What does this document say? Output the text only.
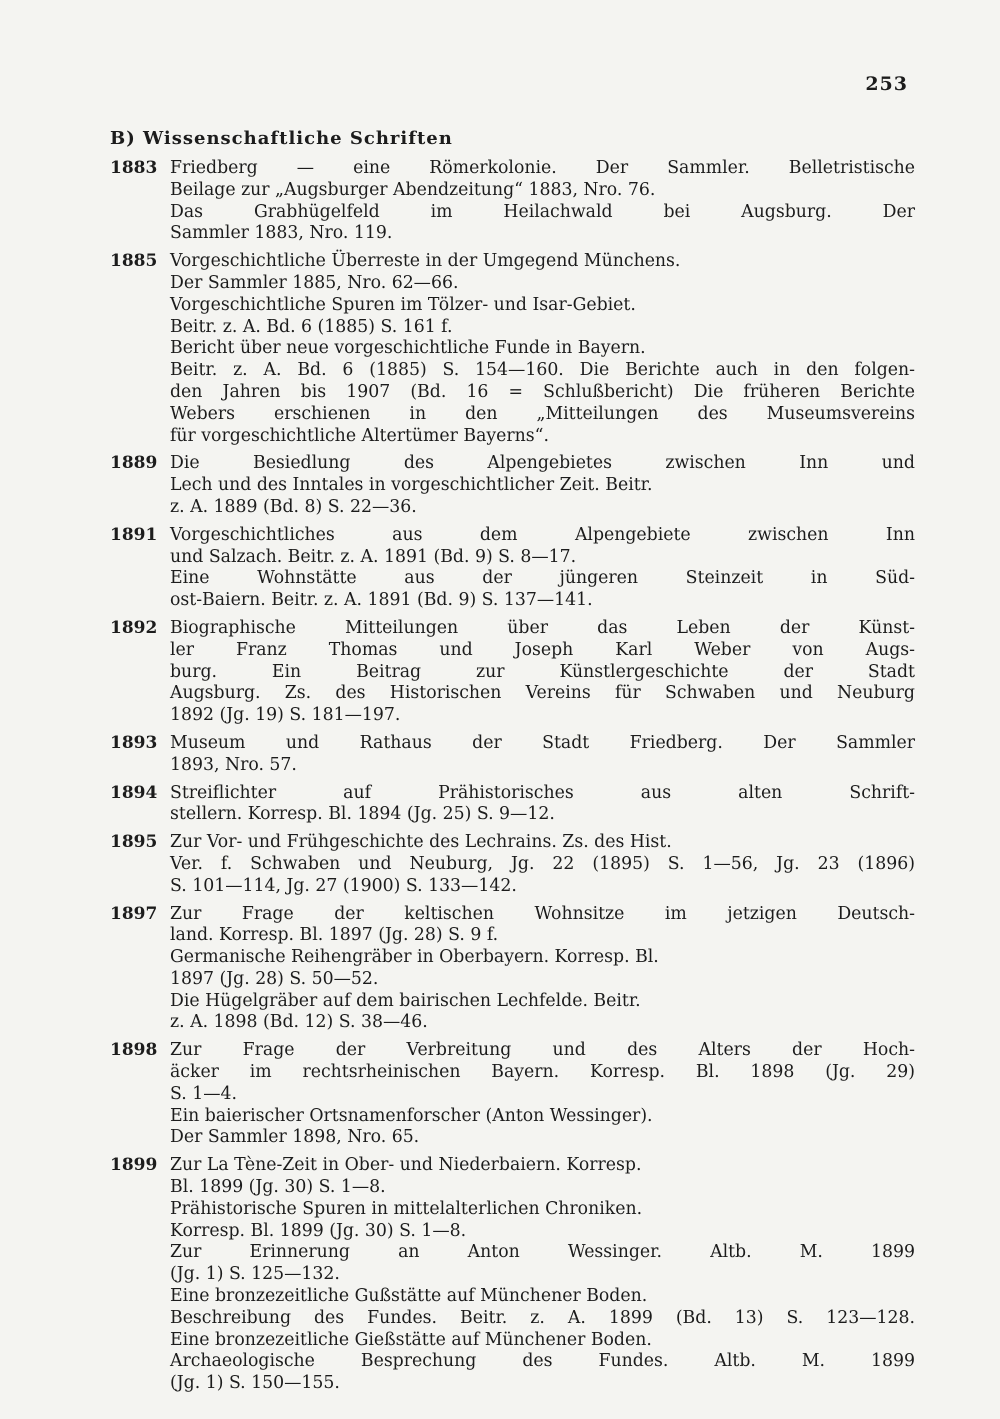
253
B) Wissenschaftliche Schriften
1883 Friedberg — eine Römerkolonie. Der Sammler. Belletristische
Beilage zur „Augsburger Abendzeitung“ 1883, Nro. 76.
Das Grabhügelfeld im Heilachwald bei Augsburg. Der
Sammler 1883, Nro. 119.
1885 Vorgeschichtliche Überreste in der Umgegend Münchens.
Der Sammler 1885, Nro. 62—66.
Vorgeschichtliche Spuren im Tölzer- und Isar-Gebiet.
Beitr. z. A. Bd. 6 (1885) S. 161 f.
Bericht über neue vorgeschichtliche Funde in Bayern.
Beitr. z. A. Bd. 6 (1885) S. 154—160. Die Berichte auch in den folgen-
den Jahren bis 1907 (Bd. 16 = Schlußbericht) Die früheren Berichte
Webers erschienen in den „Mitteilungen des Museumsvereins
für vorgeschichtliche Altertümer Bayerns“.
1889 Die Besiedlung des Alpengebietes zwischen Inn und
Lech und des Inntales in vorgeschichtlicher Zeit. Beitr.
z. A. 1889 (Bd. 8) S. 22—36.
1891 Vorgeschichtliches aus dem Alpengebiete zwischen Inn
und Salzach. Beitr. z. A. 1891 (Bd. 9) S. 8—17.
Eine Wohnstätte aus der jüngeren Steinzeit in Süd-
ost-Baiern. Beitr. z. A. 1891 (Bd. 9) S. 137—141.
1892 Biographische Mitteilungen über das Leben der Künst-
ler Franz Thomas und Joseph Karl Weber von Augs-
burg. Ein Beitrag zur Künstlergeschichte der Stadt
Augsburg. Zs. des Historischen Vereins für Schwaben und Neuburg
1892 (Jg. 19) S. 181—197.
1893 Museum und Rathaus der Stadt Friedberg. Der Sammler
1893, Nro. 57.
1894 Streiflichter auf Prähistorisches aus alten Schrift-
stellern. Korresp. Bl. 1894 (Jg. 25) S. 9—12.
1895 Zur Vor- und Frühgeschichte des Lechrains. Zs. des Hist.
Ver. f. Schwaben und Neuburg, Jg. 22 (1895) S. 1—56, Jg. 23 (1896)
S. 101—114, Jg. 27 (1900) S. 133—142.
1897 Zur Frage der keltischen Wohnsitze im jetzigen Deutsch-
land. Korresp. Bl. 1897 (Jg. 28) S. 9 f.
Germanische Reihengräber in Oberbayern. Korresp. Bl.
1897 (Jg. 28) S. 50—52.
Die Hügelgräber auf dem bairischen Lechfelde. Beitr.
z. A. 1898 (Bd. 12) S. 38—46.
1898 Zur Frage der Verbreitung und des Alters der Hoch-
äcker im rechtsrheinischen Bayern. Korresp. Bl. 1898 (Jg. 29)
S. 1—4.
Ein baierischer Ortsnamenforscher (Anton Wessinger).
Der Sammler 1898, Nro. 65.
1899 Zur La Tène-Zeit in Ober- und Niederbaiern. Korresp.
Bl. 1899 (Jg. 30) S. 1—8.
Prähistorische Spuren in mittelalterlichen Chroniken.
Korresp. Bl. 1899 (Jg. 30) S. 1—8.
Zur Erinnerung an Anton Wessinger. Altb. M. 1899
(Jg. 1) S. 125—132.
Eine bronzezeitliche Gußstätte auf Münchener Boden.
Beschreibung des Fundes. Beitr. z. A. 1899 (Bd. 13) S. 123—128.
Eine bronzezeitliche Gießstätte auf Münchener Boden.
Archaeologische Besprechung des Fundes. Altb. M. 1899
(Jg. 1) S. 150—155.
